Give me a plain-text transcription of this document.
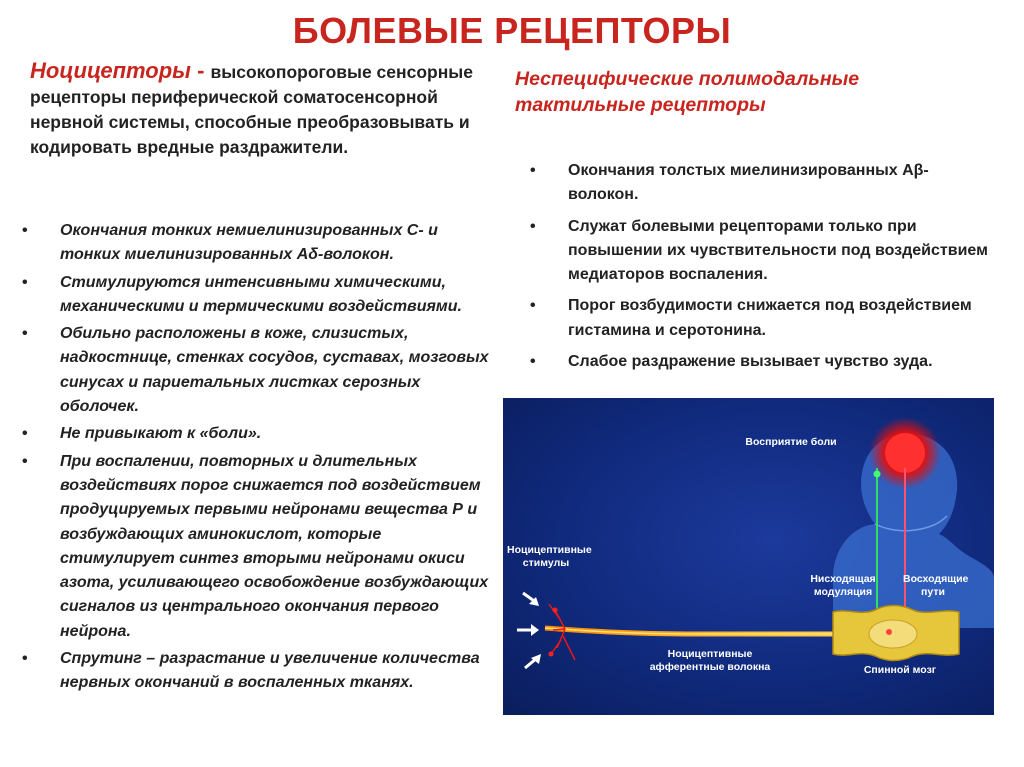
БОЛЕВЫЕ РЕЦЕПТОРЫ
Ноцицепторы - высокопороговые сенсорные рецепторы периферической соматосенсорной нервной системы, способные преобразовывать и кодировать вредные раздражители.
Неспецифические полимодальные тактильные рецепторы
• Окончания тонких немиелинизированных С- и тонких миелинизированных Аδ-волокон.
• Стимулируются интенсивными химическими, механическими и термическими воздействиями.
• Обильно расположены в коже, слизистых, надкостнице, стенках сосудов, суставах, мозговых синусах и париетальных листках серозных оболочек.
• Не привыкают к «боли».
• При воспалении, повторных и длительных воздействиях порог снижается под воздействием продуцируемых первыми нейронами вещества Р и возбуждающих аминокислот, которые стимулирует синтез вторыми нейронами окиси азота, усиливающего освобождение возбуждающих сигналов из центрального окончания первого нейрона.
• Спрутинг – разрастание и увеличение количества нервных окончаний в воспаленных тканях.
• Окончания толстых миелинизированных Аβ-волокон.
• Служат болевыми рецепторами только при повышении их чувствительности под воздействием медиаторов воспаления.
• Порог возбудимости снижается под воздействием гистамина и серотонина.
• Слабое раздражение вызывает чувство зуда.
Восприятие боли
Ноцицептивные стимулы
Нисходящая модуляция
Восходящие пути
Ноцицептивные афферентные волокна	Спинной мозг
